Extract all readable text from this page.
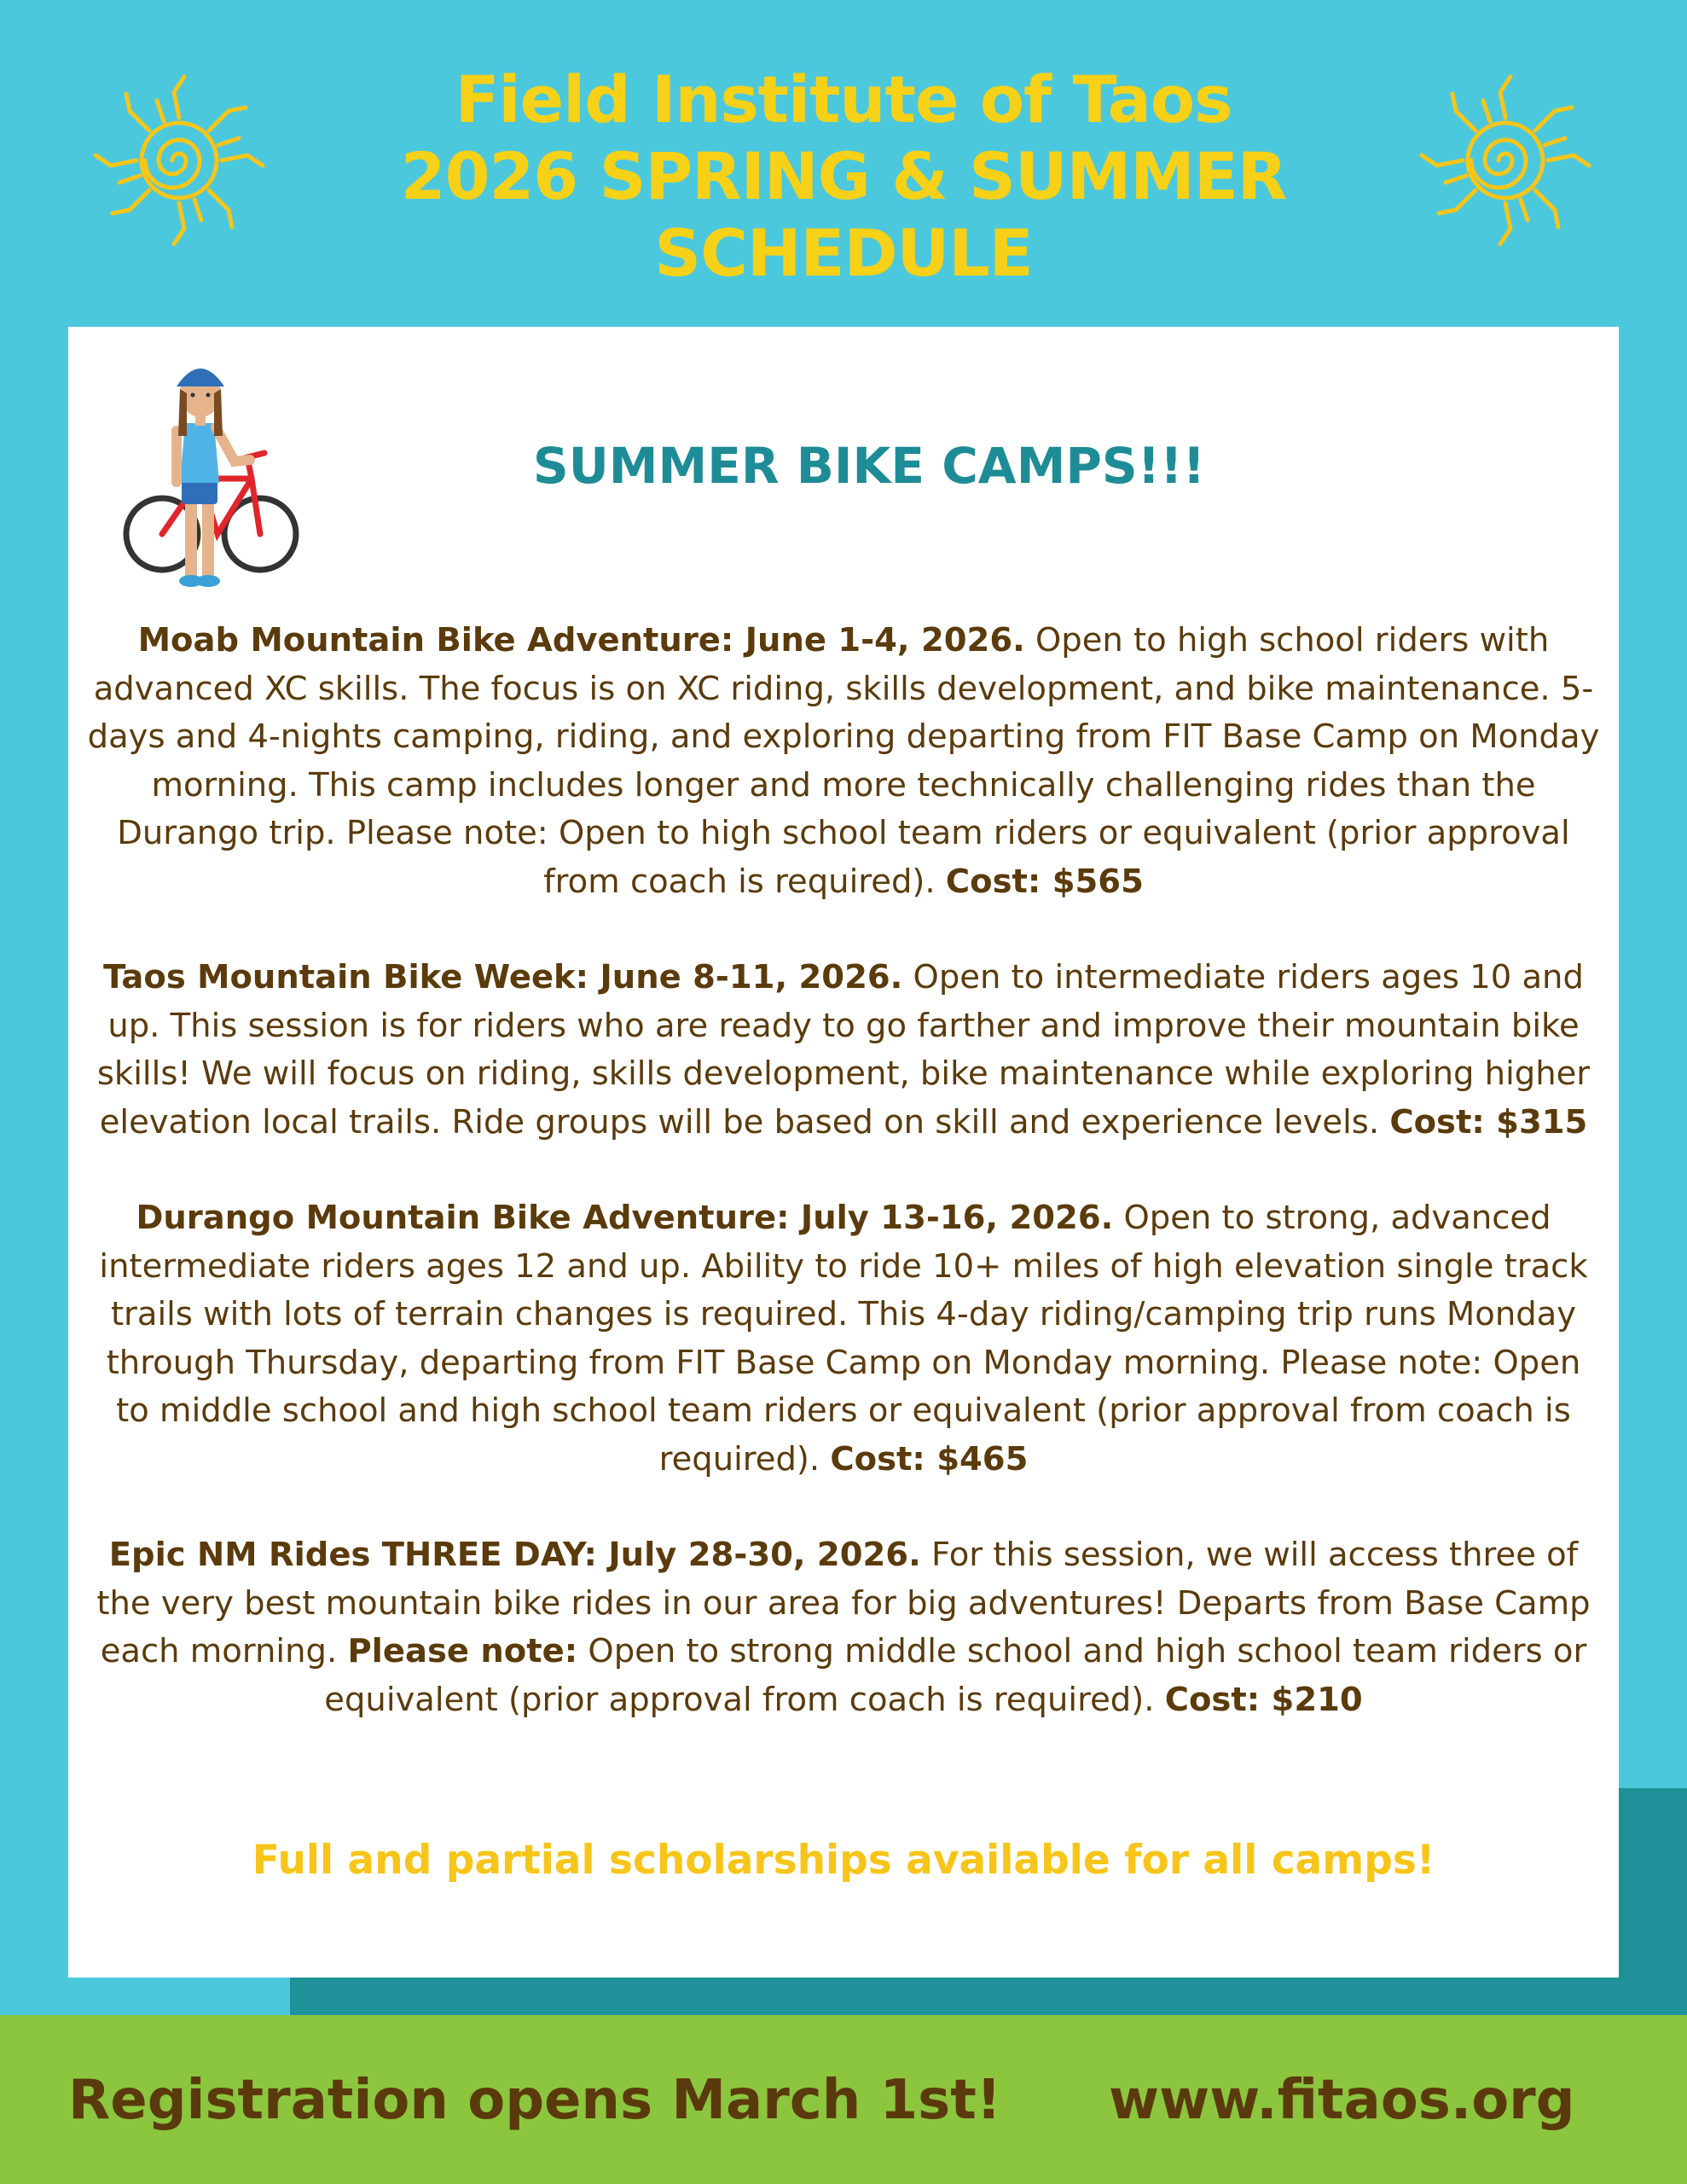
Field Institute of Taos
2026 SPRING & SUMMER
SCHEDULE
SUMMER BIKE CAMPS!!!

Moab Mountain Bike Adventure: June 1-4, 2026. Open to high school riders with advanced XC skills. The focus is on XC riding, skills development, and bike maintenance. 5-days and 4-nights camping, riding, and exploring departing from FIT Base Camp on Monday morning. This camp includes longer and more technically challenging rides than the Durango trip. Please note: Open to high school team riders or equivalent (prior approval from coach is required). Cost: $565

Taos Mountain Bike Week: June 8-11, 2026. Open to intermediate riders ages 10 and up. This session is for riders who are ready to go farther and improve their mountain bike skills! We will focus on riding, skills development, bike maintenance while exploring higher elevation local trails. Ride groups will be based on skill and experience levels. Cost: $315

Durango Mountain Bike Adventure: July 13-16, 2026. Open to strong, advanced intermediate riders ages 12 and up. Ability to ride 10+ miles of high elevation single track trails with lots of terrain changes is required. This 4-day riding/camping trip runs Monday through Thursday, departing from FIT Base Camp on Monday morning. Please note: Open to middle school and high school team riders or equivalent (prior approval from coach is required). Cost: $465

Epic NM Rides THREE DAY: July 28-30, 2026. For this session, we will access three of the very best mountain bike rides in our area for big adventures! Departs from Base Camp each morning. Please note: Open to strong middle school and high school team riders or equivalent (prior approval from coach is required). Cost: $210

Full and partial scholarships available for all camps!
Registration opens March 1st! www.fitaos.org
